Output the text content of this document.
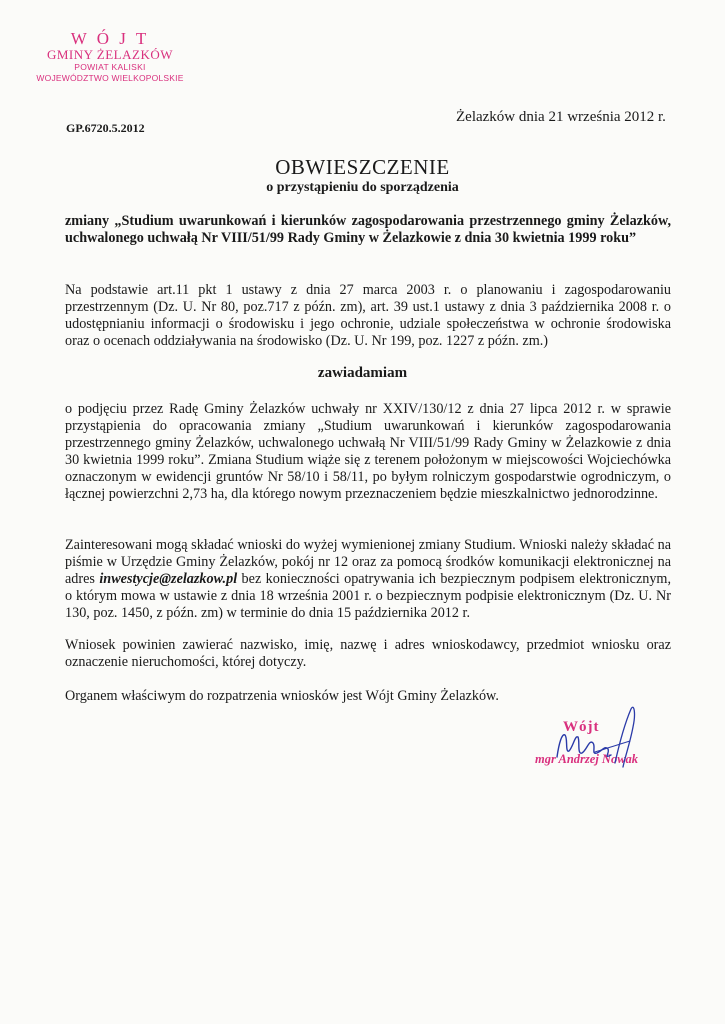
W Ó J T
GMINY ŻELAZKÓW
POWIAT KALISKI
WOJEWÓDZTWO WIELKOPOLSKIE
GP.6720.5.2012
Żelazków dnia 21 września 2012 r.
OBWIESZCZENIE
o przystąpieniu do sporządzenia

zmiany „Studium uwarunkowań i kierunków zagospodarowania przestrzennego gminy Żelazków, uchwalonego uchwałą Nr VIII/51/99 Rady Gminy w Żelazkowie z dnia 30 kwietnia 1999 roku”

Na podstawie art.11 pkt 1 ustawy z dnia 27 marca 2003 r. o planowaniu i zagospodarowaniu przestrzennym (Dz. U. Nr 80, poz.717 z późn. zm), art. 39 ust.1 ustawy z dnia 3 października 2008 r. o udostępnianiu informacji o środowisku i jego ochronie, udziale społeczeństwa w ochronie środowiska oraz o ocenach oddziaływania na środowisko (Dz. U. Nr 199, poz. 1227 z późn. zm.)

zawiadamiam

o podjęciu przez Radę Gminy Żelazków uchwały nr XXIV/130/12 z dnia 27 lipca 2012 r. w sprawie przystąpienia do opracowania zmiany „Studium uwarunkowań i kierunków zagospodarowania przestrzennego gminy Żelazków, uchwalonego uchwałą Nr VIII/51/99 Rady Gminy w Żelazkowie z dnia 30 kwietnia 1999 roku”. Zmiana Studium wiąże się z terenem położonym w miejscowości Wojciechówka oznaczonym w ewidencji gruntów Nr 58/10 i 58/11, po byłym rolniczym gospodarstwie ogrodniczym, o łącznej powierzchni 2,73 ha, dla którego nowym przeznaczeniem będzie mieszkalnictwo jednorodzinne.

Zainteresowani mogą składać wnioski do wyżej wymienionej zmiany Studium. Wnioski należy składać na piśmie w Urzędzie Gminy Żelazków, pokój nr 12 oraz za pomocą środków komunikacji elektronicznej na adres inwestycje@zelazkow.pl bez konieczności opatrywania ich bezpiecznym podpisem elektronicznym, o którym mowa w ustawie z dnia 18 września 2001 r. o bezpiecznym podpisie elektronicznym (Dz. U. Nr 130, poz. 1450, z późn. zm) w terminie do dnia 15 października 2012 r.

Wniosek powinien zawierać nazwisko, imię, nazwę i adres wnioskodawcy, przedmiot wniosku oraz oznaczenie nieruchomości, której dotyczy.

Organem właściwym do rozpatrzenia wniosków jest Wójt Gminy Żelazków.

Wójt
mgr Andrzej Nowak
